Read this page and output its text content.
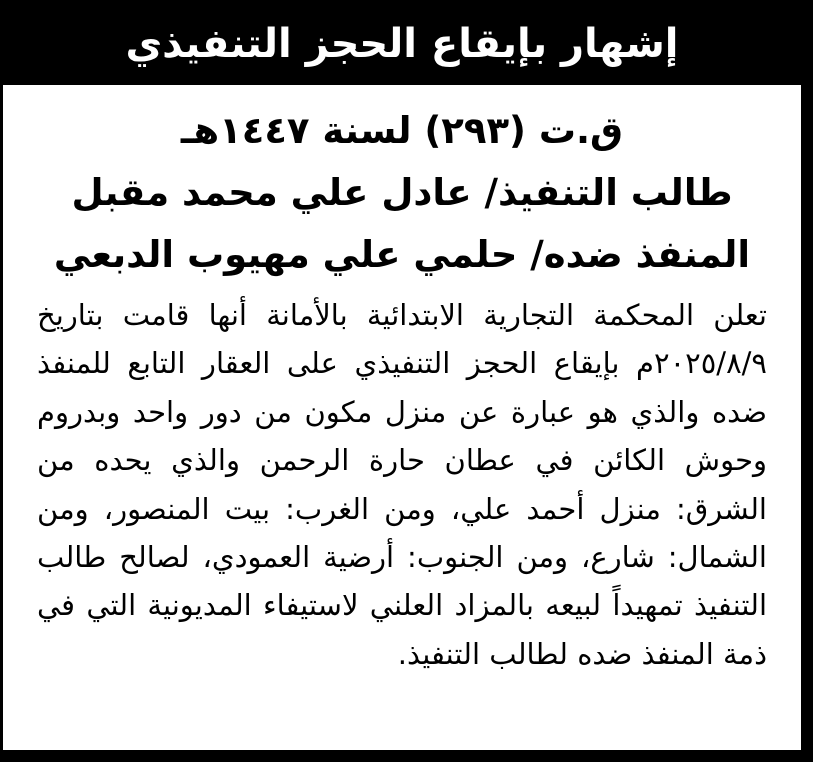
إشهار بإيقاع الحجز التنفيذي
ق.ت (٢٩٣) لسنة ١٤٤٧هـ
طالب التنفيذ/ عادل علي محمد مقبل
المنفذ ضده/ حلمي علي مهيوب الدبعي

تعلن المحكمة التجارية الابتدائية بالأمانة أنها قامت بتاريخ ٢٠٢٥/٨/٩م بإيقاع الحجز التنفيذي على العقار التابع للمنفذ ضده والذي هو عبارة عن منزل مكون من دور واحد وبدروم وحوش الكائن في عطان حارة الرحمن والذي يحده من الشرق: منزل أحمد علي، ومن الغرب: بيت المنصور، ومن الشمال: شارع، ومن الجنوب: أرضية العمودي، لصالح طالب التنفيذ تمهيداً لبيعه بالمزاد العلني لاستيفاء المديونية التي في ذمة المنفذ ضده لطالب التنفيذ.
